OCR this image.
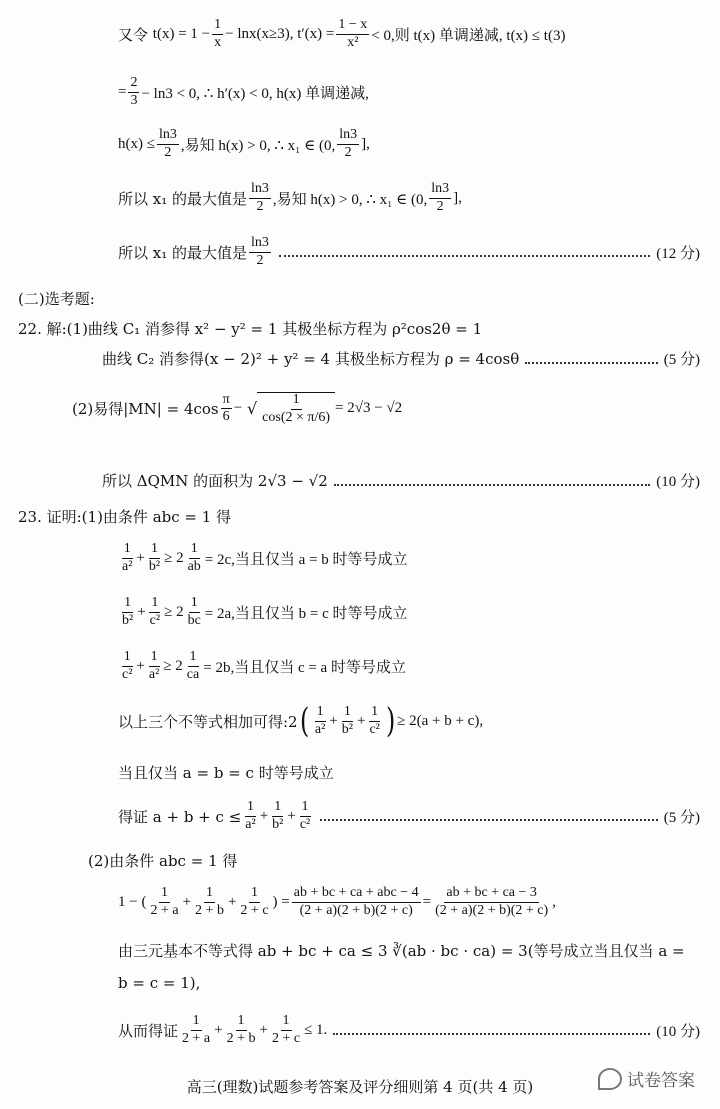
又令
$t(x) = 1 - \frac{1}{x} - \ln x(x\ge 3)$, $t'(x) = \frac{1 - x}{\text{x²}} < 0$,则 t(x) 单调递减, t(x) ≤ t(3)
= $\frac{2}{3} - \ln 3 < 0$, ∴ h′(x) < 0, h(x) 单调递减,
$h(x) \le \frac{\ln 3}{2}$ ,易知 h(x) > 0, ∴ x₁ ∈ (0, $\frac{\ln 3}{2}$ ],
所以 x₁ 的最大值是 $\frac{\ln 3}{2}$ ,易知 h(x) > 0, ∴ x₁ ∈ (0, $\frac{\ln 3}{2}$ ],
所以 x₁ 的最大值是 $\frac{\ln 3}{2}$	(12 分)
(二)选考题:
22. 解:(1)曲线 C₁ 消参得 x² − y² = 1 其极坐标方程为 ρ²cos2θ = 1
曲线 C₂ 消参得(x − 2)² + y² = 4 其极坐标方程为 ρ = 4cosθ	(5 分)
(2)易得$|MN| = 4\cos \frac{\pi}{6}$ −
√ $\frac{1}{\cos(2 \times \pi/6)} = 2√3 - √2$
所以 ΔQMN 的面积为 2√3 − √2	(10 分)
23. 证明:(1)由条件 abc = 1 得
$\frac{1}{\text{a²}} + \frac{1}{\text{b²}} \ge 2 \frac{1}{ab} = 2c$,当且仅当 a = b 时等号成立
$\frac{1}{\text{b²}} + \frac{1}{\text{c²}} \ge 2 \frac{1}{bc} = 2a$,当且仅当 b = c 时等号成立
$\frac{1}{\text{c²}} + \frac{1}{\text{a²}} \ge 2 \frac{1}{ca} = 2b$,当且仅当 c = a 时等号成立
以上三个不等式相加可得:2 ( $\frac{1}{\text{a²}} + \frac{1}{\text{b²}} + \frac{1}{\text{c²}}$ ) ≥ 2(a + b + c),
当且仅当 a = b = c 时等号成立
得证 $a + b + c \le \frac{1}{\text{a²}} + \frac{1}{\text{b²}} + \frac{1}{\text{c²}}$	(5 分)
(2)由条件 abc = 1 得
1 − ( $\frac{1}{2 + a} + \frac{1}{2 + b} + \frac{1}{2 + c}$ ) = $\frac{\text{ab + bc + ca + abc − 4}}{(2 + a)(2 + b)(2 + c)} = \frac{ab + bc + ca - 3}{(2 + a)(2 + b)(2 + c)}$ ,
由三元基本不等式得 ab + bc + ca ≤ 3 ∛(ab · bc · ca) = 3(等号成立当且仅当 a =
b = c = 1),
从而得证 $\frac{1}{2 + a} + \frac{1}{2 + b} + \frac{1}{2 + c} \le 1$.	(10 分)
高三(理数)试题参考答案及评分细则第 4 页(共 4 页)	试卷答案
